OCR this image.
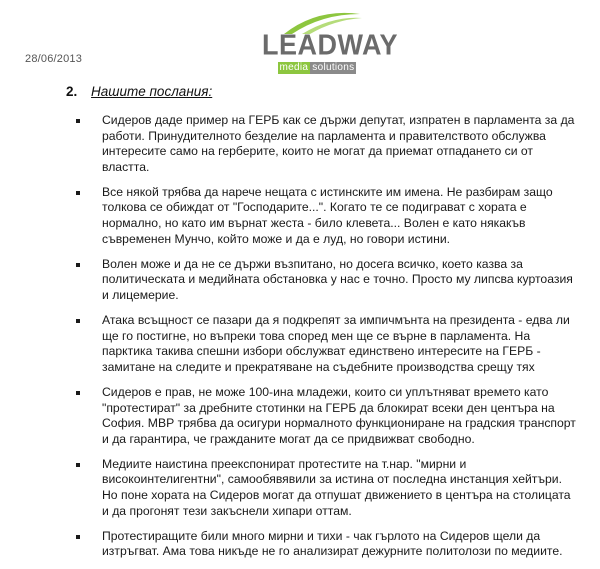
28/06/2013	LEADWAY
media solutions
2. Нашите послания:
Сидеров даде пример на ГЕРБ как се държи депутат, изпратен в парламента за да работи. Принудителното безделие на парламента и правителството обслужва интересите само на герберите, които не могат да приемат отпадането си от властта.
Все някой трябва да нарече нещата с истинските им имена. Не разбирам защо толкова се обиждат от "Господарите...". Когато те се подиграват с хората е нормално, но като им върнат жеста - било клевета... Волен е като някакъв съвременен Мунчо, който може и да е луд, но говори истини.
Волен може и да не се държи възпитано, но досега всичко, което казва за политическата и медийната обстановка у нас е точно. Просто му липсва куртоазия и лицемерие.
Атака всъщност се пазари да я подкрепят за импичмънта на президента - едва ли ще го постигне, но въпреки това според мен ще се върне в парламента. На парктика такива спешни избори обслужват единствено интересите на ГЕРБ - замитане на следите и прекратяване на съдебните производства срещу тях
Сидеров е прав, не може 100-ина младежи, които си уплътняват времето като "протестират" за дребните стотинки на ГЕРБ да блокират всеки ден центъра на София. МВР трябва да осигури нормалното функциониране на градския транспорт и да гарантира, че гражданите могат да се придвижват свободно.
Медиите наистина преекспонират протестите на т.нар. "мирни и високоинтелигентни", самообявявили за истина от последна инстанция хейтъри. Но поне хората на Сидеров могат да отпушат движението в центъра на столицата и да прогонят тези закъснели хипари оттам.
Протестиращите били много мирни и тихи - чак гърлото на Сидеров щели да изтръгват. Ама това никъде не го анализират дежурните политолози по медиите.
